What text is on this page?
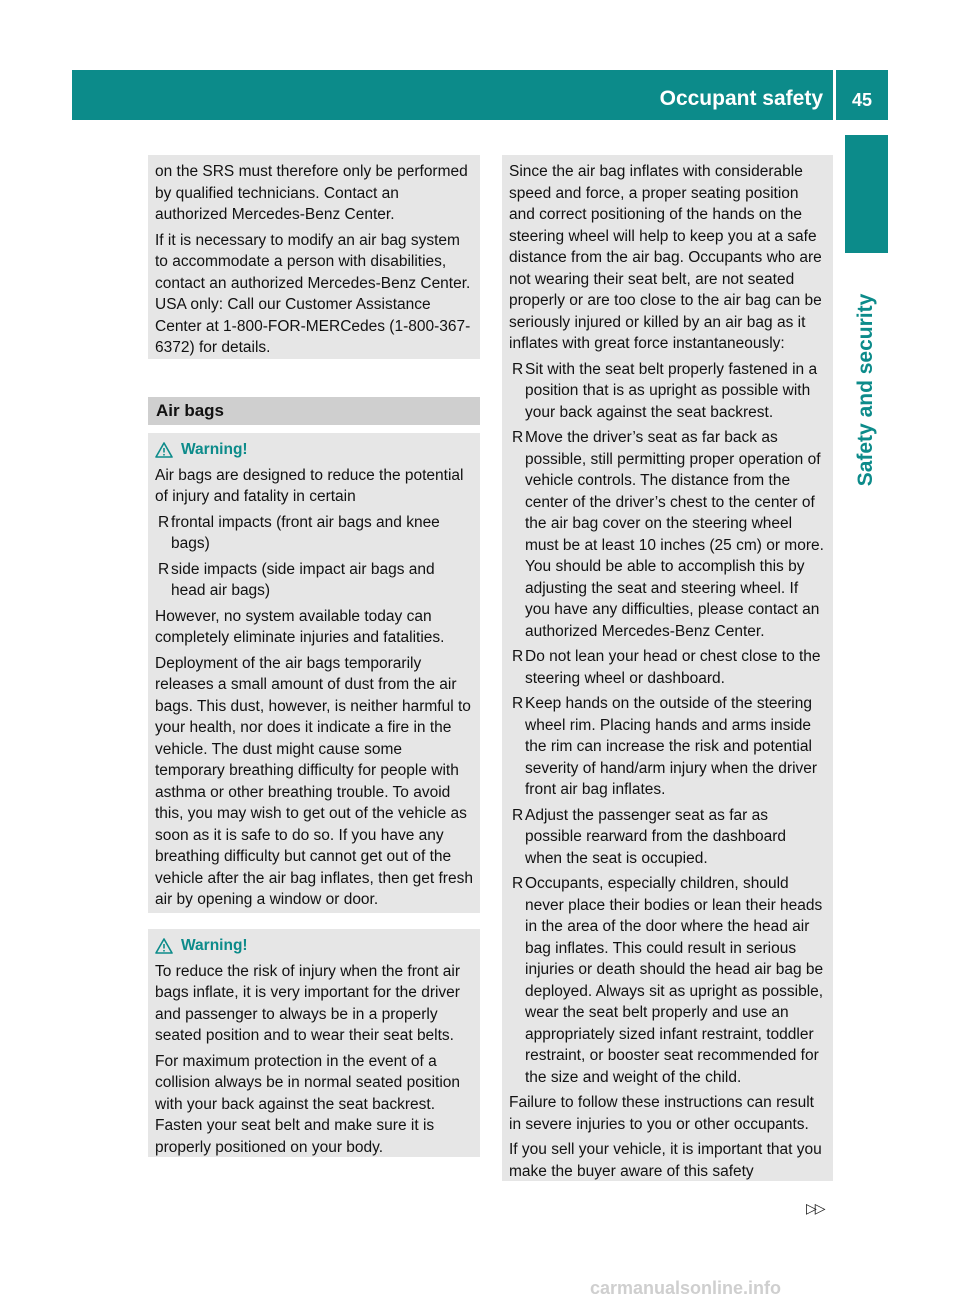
Occupant safety	45
Safety and security

on the SRS must therefore only be performed by qualified technicians. Contact an authorized Mercedes-Benz Center.

If it is necessary to modify an air bag system to accommodate a person with disabilities, contact an authorized Mercedes-Benz Center. USA only: Call our Customer Assistance Center at 1-800-FOR-MERCedes (1-800-367-6372) for details.

Air bags
Warning!

Air bags are designed to reduce the potential of injury and fatality in certain

R frontal impacts (front air bags and knee bags)
R side impacts (side impact air bags and head air bags)

However, no system available today can completely eliminate injuries and fatalities.

Deployment of the air bags temporarily releases a small amount of dust from the air bags. This dust, however, is neither harmful to your health, nor does it indicate a fire in the vehicle. The dust might cause some temporary breathing difficulty for people with asthma or other breathing trouble. To avoid this, you may wish to get out of the vehicle as soon as it is safe to do so. If you have any breathing difficulty but cannot get out of the vehicle after the air bag inflates, then get fresh air by opening a window or door.

Warning!

To reduce the risk of injury when the front air bags inflate, it is very important for the driver and passenger to always be in a properly seated position and to wear their seat belts.

For maximum protection in the event of a collision always be in normal seated position with your back against the seat backrest. Fasten your seat belt and make sure it is properly positioned on your body.

Since the air bag inflates with considerable speed and force, a proper seating position and correct positioning of the hands on the steering wheel will help to keep you at a safe distance from the air bag. Occupants who are not wearing their seat belt, are not seated properly or are too close to the air bag can be seriously injured or killed by an air bag as it inflates with great force instantaneously:

R Sit with the seat belt properly fastened in a position that is as upright as possible with your back against the seat backrest.
R Move the driver’s seat as far back as possible, still permitting proper operation of vehicle controls. The distance from the center of the driver’s chest to the center of the air bag cover on the steering wheel must be at least 10 inches (25 cm) or more. You should be able to accomplish this by adjusting the seat and steering wheel. If you have any difficulties, please contact an authorized Mercedes-Benz Center.
R Do not lean your head or chest close to the steering wheel or dashboard.
R Keep hands on the outside of the steering wheel rim. Placing hands and arms inside the rim can increase the risk and potential severity of hand/arm injury when the driver front air bag inflates.
R Adjust the passenger seat as far as possible rearward from the dashboard when the seat is occupied.
R Occupants, especially children, should never place their bodies or lean their heads in the area of the door where the head air bag inflates. This could result in serious injuries or death should the head air bag be deployed. Always sit as upright as possible, wear the seat belt properly and use an appropriately sized infant restraint, toddler restraint, or booster seat recommended for the size and weight of the child.

Failure to follow these instructions can result in severe injuries to you or other occupants.

If you sell your vehicle, it is important that you make the buyer aware of this safety

▷▷
carmanualsonline.info
